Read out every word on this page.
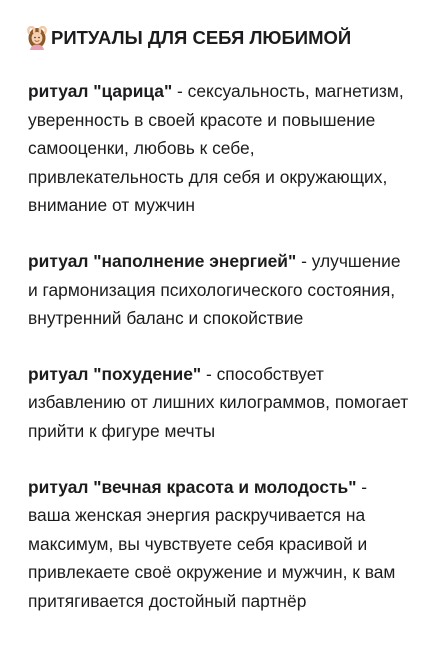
РИТУАЛЫ ДЛЯ СЕБЯ ЛЮБИМОЙ
ритуал "царица" - сексуальность, магнетизм, уверенность в своей красоте и повышение самооценки, любовь к себе, привлекательность для себя и окружающих, внимание от мужчин
ритуал "наполнение энергией" - улучшение и гармонизация психологического состояния, внутренний баланс и спокойствие
ритуал "похудение" - способствует избавлению от лишних килограммов, помогает прийти к фигуре мечты
ритуал "вечная красота и молодость" - ваша женская энергия раскручивается на максимум, вы чувствуете себя красивой и привлекаете своё окружение и мужчин, к вам притягивается достойный партнёр
